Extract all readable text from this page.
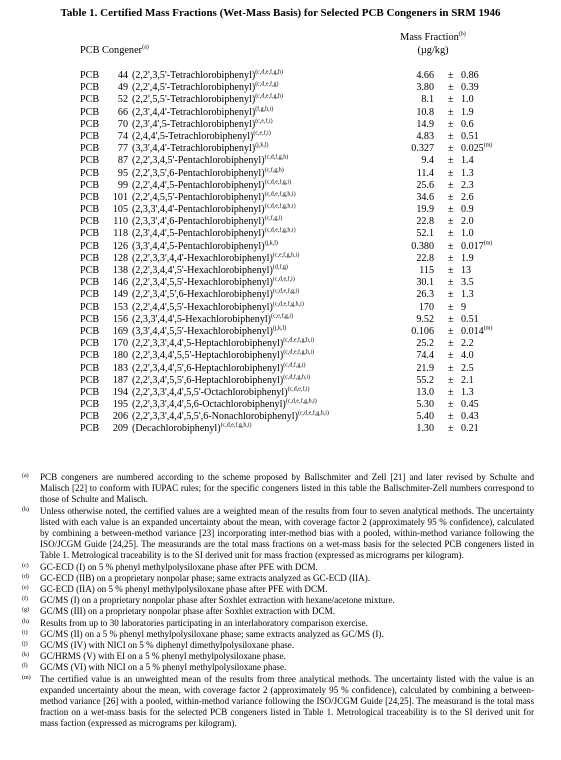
Table 1. Certified Mass Fractions (Wet-Mass Basis) for Selected PCB Congeners in SRM 1946
PCB Congener$^{(a)}$
Mass Fraction$^{(b)}$
(µg/kg)
PCB	44 (2,2',3,5'-Tetrachlorobiphenyl)$^{(c,d,e,f,g,h)}$	4.66 ± 0.86
PCB	49 (2,2',4,5'-Tetrachlorobiphenyl)$^{(c,d,e,f,g)}$	3.80 ± 0.39
PCB	52 (2,2',5,5'-Tetrachlorobiphenyl)$^{(c,d,e,f,g,h)}$	8.1 ± 1.0
PCB	66 (2,3',4,4'-Tetrachlorobiphenyl)$^{(f,g,h,i)}$	10.8 ± 1.9
PCB	70 (2,3',4',5-Tetrachlorobiphenyl)$^{(c,e,f,i)}$	14.9 ± 0.6
PCB	74 (2,4,4',5-Tetrachlorobiphenyl)$^{(c,e,f,i)}$	4.83 ± 0.51
PCB	77 (3,3',4,4'-Tetrachlorobiphenyl)$^{(j,k,l)}$	$0.327 \pm 0.025^{(m)}$
PCB	87 (2,2',3,4,5'-Pentachlorobiphenyl)$^{(c,d,f,g,h)}$	9.4 ± 1.4
PCB	95 (2,2',3,5',6-Pentachlorobiphenyl)$^{(c,f,g,h)}$	11.4 ± 1.3
PCB	99 (2,2',4,4',5-Pentachlorobiphenyl)$^{(c,d,e,f,g,i)}$	25.6 ± 2.3
PCB	101 (2,2',4,5,5'-Pentachlorobiphenyl)$^{(c,d,e,f,g,h,i)}$	34.6 ± 2.6
PCB	105 (2,3,3',4,4'-Pentachlorobiphenyl)$^{(c,d,e,f,g,h,i)}$	19.9 ± 0.9
PCB	110 (2,3,3',4',6-Pentachlorobiphenyl)$^{(c,f,g,i)}$	22.8 ± 2.0
PCB	118 (2,3',4,4',5-Pentachlorobiphenyl)$^{(c,d,e,f,g,h,i)}$	52.1 ± 1.0
PCB	126 (3,3',4,4',5-Pentachlorobiphenyl)$^{(j,k,l)}$	$0.380 \pm 0.017^{(m)}$
PCB	128 (2,2',3,3',4,4'-Hexachlorobiphenyl)$^{(c,e,f,g,h,i)}$	22.8 ± 1.9
PCB	138 (2,2',3,4,4',5'-Hexachlorobiphenyl)$^{(d,f,g)}$	115 ± 13
PCB	146 (2,2',3,4',5,5'-Hexachlorobiphenyl)$^{(c,d,e,f,i)}$	30.1 ± 3.5
PCB	149 (2,2',3,4',5',6-Hexachlorobiphenyl)$^{(c,d,e,f,g,i)}$	26.3 ± 1.3
PCB	153 (2,2',4,4',5,5'-Hexachlorobiphenyl)$^{(c,d,e,f,g,h,i)}$	170 ± 9
PCB	156 (2,3,3',4,4',5-Hexachlorobiphenyl)$^{(c,e,f,g,i)}$	9.52 ± 0.51
PCB	169 (3,3',4,4',5,5'-Hexachlorobiphenyl)$^{(j,k,l)}$	$0.106 \pm 0.014^{(m)}$
PCB	170 (2,2',3,3',4,4',5-Heptachlorobiphenyl)$^{(c,d,e,f,g,h,i)}$	25.2 ± 2.2
PCB	180 (2,2',3,4,4',5,5'-Heptachlorobiphenyl)$^{(c,d,e,f,g,h,i)}$	74.4 ± 4.0
PCB	183 (2,2',3,4,4',5',6-Heptachlorobiphenyl)$^{(c,d,f,g,i)}$	21.9 ± 2.5
PCB	187 (2,2',3,4',5,5',6-Heptachlorobiphenyl)$^{(c,d,f,g,h,i)}$	55.2 ± 2.1
PCB	194 (2,2',3,3',4,4',5,5'-Octachlorobiphenyl)$^{(c,d,e,f,i)}$	13.0 ± 1.3
PCB	195 (2,2',3,3',4,4',5,6-Octachlorobiphenyl)$^{(c,d,e,f,g,h,i)}$	5.30 ± 0.45
PCB	206 (2,2',3,3',4,4',5,5',6-Nonachlorobiphenyl)$^{(c,d,e,f,g,h,i)}$	5.40 ± 0.43
PCB	209 (Decachlorobiphenyl)$^{(c,d,e,f,g,h,i)}$	1.30 ± 0.21
(a) PCB congeners are numbered according to the scheme proposed by Ballschmiter and Zell [21] and later revised by Schulte and Malisch [22] to conform with IUPAC rules; for the specific congeners listed in this table the Ballschmiter-Zell numbers correspond to those of Schulte and Malisch.
(b) Unless otherwise noted, the certified values are a weighted mean of the results from four to seven analytical methods. The uncertainty listed with each value is an expanded uncertainty about the mean, with coverage factor 2 (approximately 95 % confidence), calculated by combining a between-method variance [23] incorporating inter-method bias with a pooled, within-method variance following the ISO/JCGM Guide [24,25]. The measurands are the total mass fractions on a wet-mass basis for the selected PCB congeners listed in Table 1. Metrological traceability is to the SI derived unit for mass fraction (expressed as micrograms per kilogram).
(c) GC-ECD (I) on 5 % phenyl methylpolysiloxane phase after PFE with DCM.
(d) GC-ECD (IIB) on a proprietary nonpolar phase; same extracts analyzed as GC-ECD (IIA).
(e) GC-ECD (IIA) on 5 % phenyl methylpolysiloxane phase after PFE with DCM.
(f) GC/MS (I) on a proprietary nonpolar phase after Soxhlet extraction with hexane/acetone mixture.
(g) GC/MS (III) on a proprietary nonpolar phase after Soxhlet extraction with DCM.
(h) Results from up to 30 laboratories participating in an interlaboratory comparison exercise.
(i) GC/MS (II) on a 5 % phenyl methylpolysiloxane phase; same extracts analyzed as GC/MS (I).
(j) GC/MS (IV) with NICI on 5 % diphenyl dimethylpolysiloxane phase.
(k) GC/HRMS (V) with EI on a 5 % phenyl methylpolysiloxane phase.
(l) GC/MS (VI) with NICI on a 5 % phenyl methylpolysiloxane phase.
(m) The certified value is an unweighted mean of the results from three analytical methods. The uncertainty listed with the value is an expanded uncertainty about the mean, with coverage factor 2 (approximately 95 % confidence), calculated by combining a between-method variance [26] with a pooled, within-method variance following the ISO/JCGM Guide [24,25]. The measurand is the total mass fraction on a wet-mass basis for the selected PCB congeners listed in Table 1. Metrological traceability is to the SI derived unit for mass faction (expressed as micrograms per kilogram).
